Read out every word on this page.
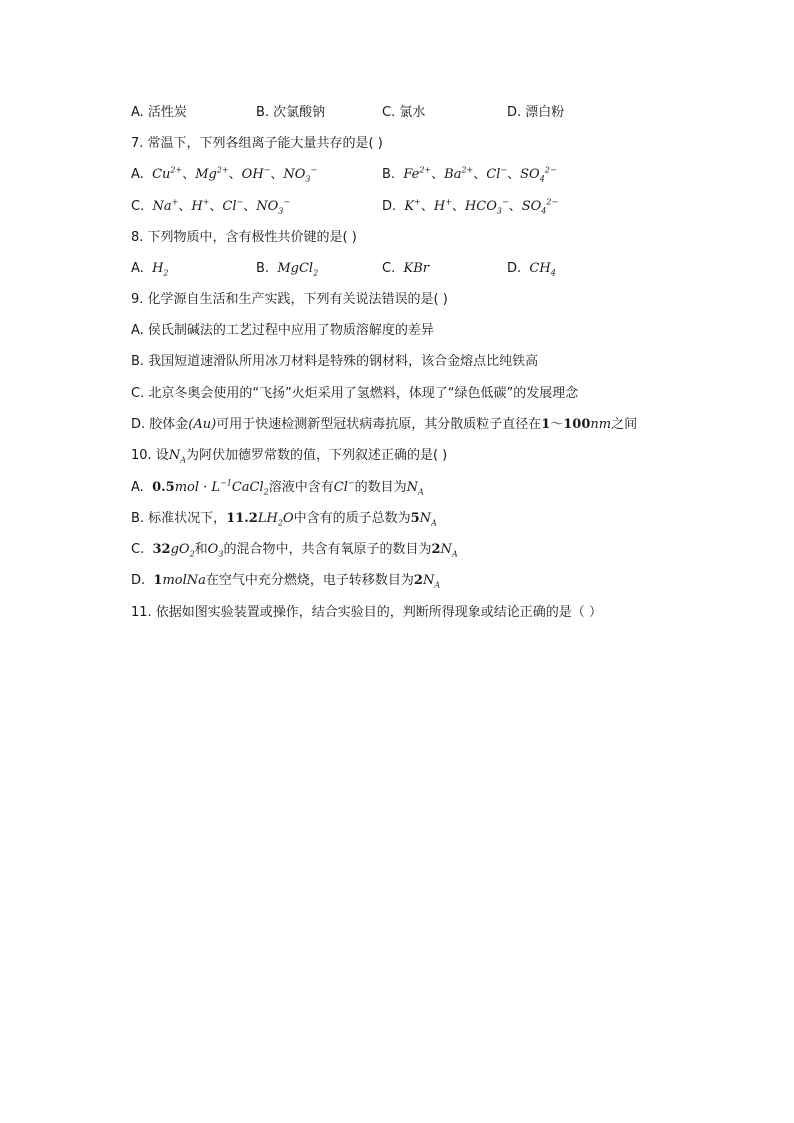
A. 活性炭	B. 次氯酸钠	C. 氯水	D. 漂白粉
7. 常温下，下列各组离子能大量共存的是( )
A. $Cu^{2+}$、$Mg^{2+}$、OH−、$NO_3^-$	B. $Fe^{2+}$、$Ba^{2+}$、Cl−、$SO_4^{2-}$
C. Na+、H+、Cl−、$NO_3^-$	D. K+、H+、$HCO_3^-$、$SO_4^{2-}$
8. 下列物质中，含有极性共价键的是( )
A. $H_2$	B. MgCl$_2$	C. KBr	D. $CH_4$
9. 化学源自生活和生产实践，下列有关说法错误的是( )
A. 侯氏制碱法的工艺过程中应用了物质溶解度的差异
B. 我国短道速滑队所用冰刀材料是特殊的钢材料，该合金熔点比纯铁高
C. 北京冬奥会使用的“飞扬”火炬采用了氢燃料，体现了“绿色低碳”的发展理念
D. 胶体金(Au)可用于快速检测新型冠状病毒抗原，其分散质粒子直径在1～100nm之间
10. 设$N_A$为阿伏加德罗常数的值，下列叙述正确的是( )
A. $0.5mol \cdot L^{-1}CaCl_2$溶液中含有Cl−的数目为$N_A$
B. 标准状况下，$11.2LH_2O$中含有的质子总数为$5N_A$
C. $32gO_2$和$O_3$的混合物中，共含有氧原子的数目为$2N_A$
D. 1molNa在空气中充分燃烧，电子转移数目为$2N_A$
11. 依据如图实验装置或操作，结合实验目的，判断所得现象或结论正确的是（ ）
